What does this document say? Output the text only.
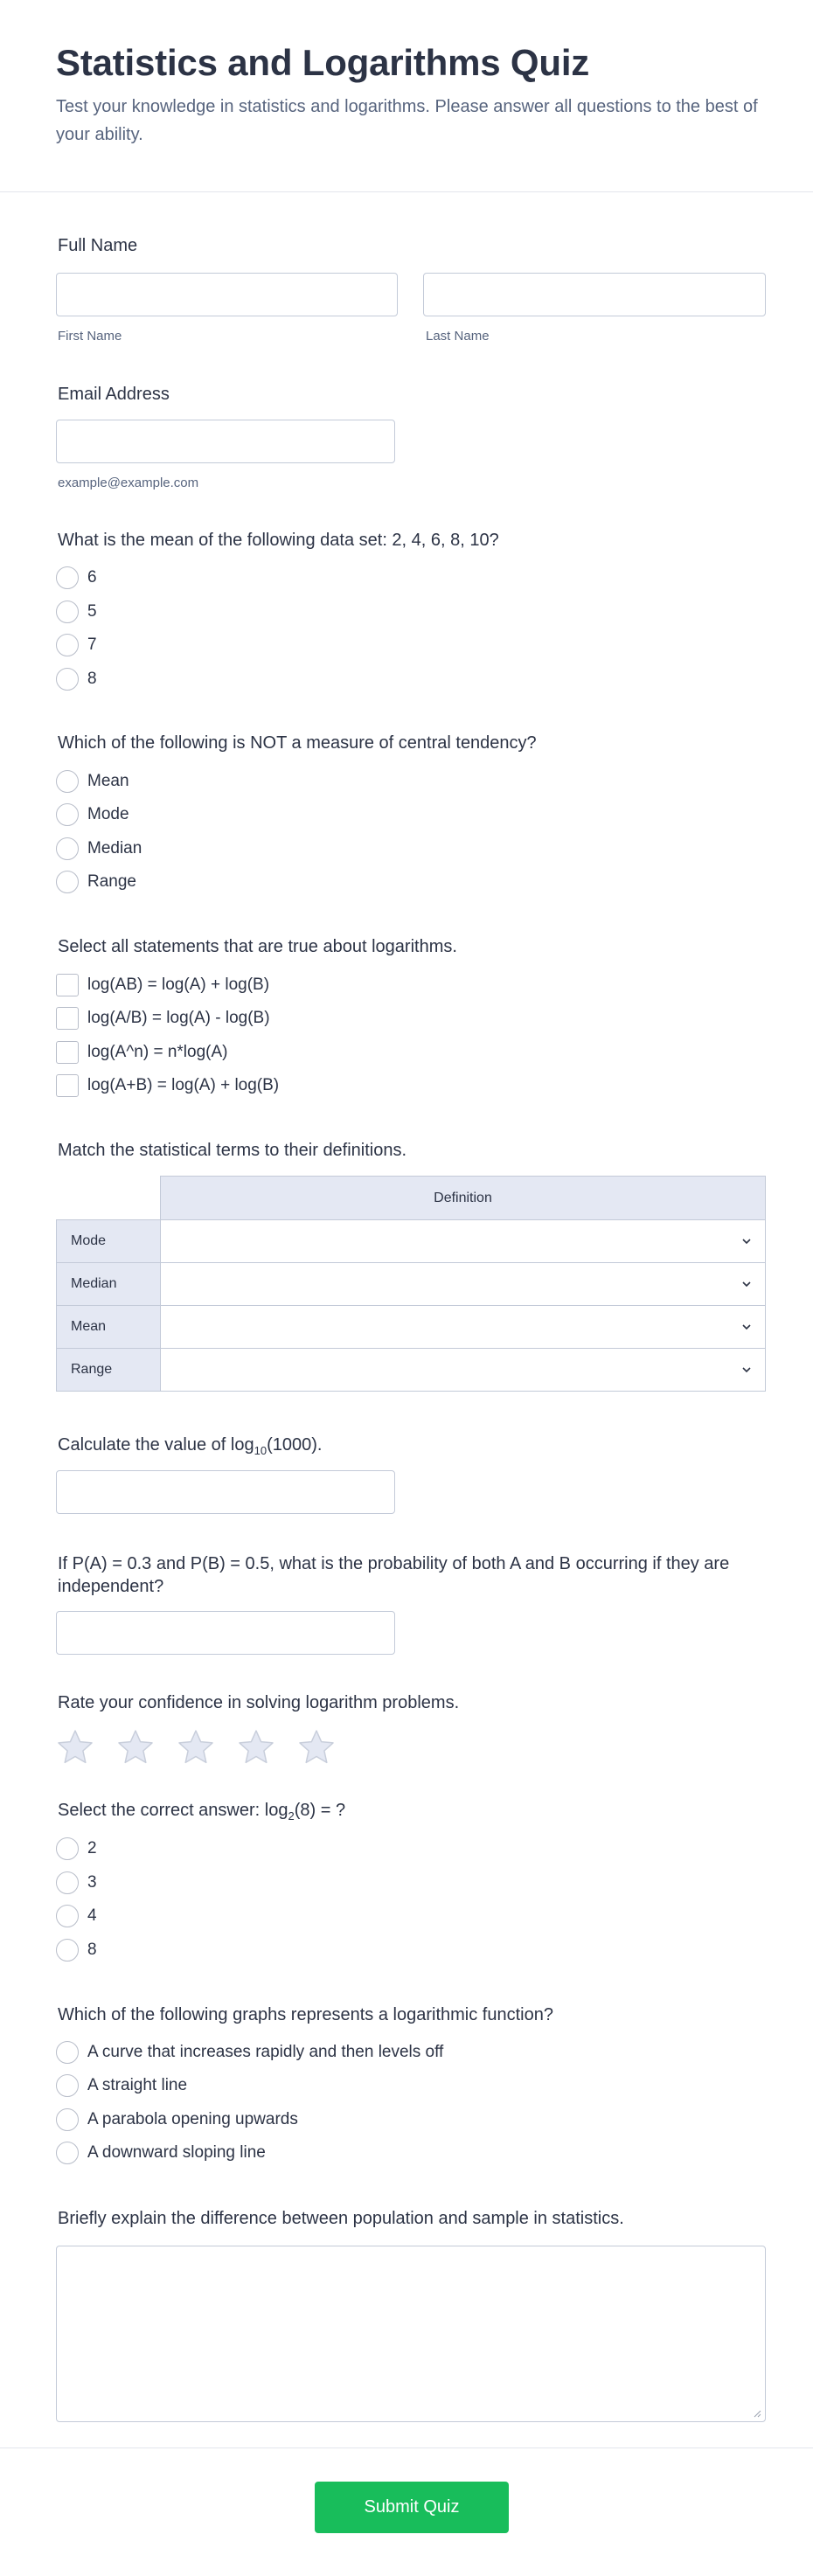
Statistics and Logarithms Quiz

Test your knowledge in statistics and logarithms. Please answer all questions to the best of your ability.

Full Name
First Name	Last Name
Email Address
example@example.com
What is the mean of the following data set: 2, 4, 6, 8, 10?
6
5
7
8
Which of the following is NOT a measure of central tendency?
Mean
Mode
Median
Range
Select all statements that are true about logarithms.
log(AB) = log(A) + log(B)
log(A/B) = log(A) - log(B)
log(A^n) = n*log(A)
log(A+B) = log(A) + log(B)
Match the statistical terms to their definitions.
Definition
Mode
Median
Mean
Range
Calculate the value of $\log_{10}(1000)$.
If P(A) = 0.3 and P(B) = 0.5, what is the probability of both A and B occurring if they are independent?
Rate your confidence in solving logarithm problems.
Select the correct answer: $\log_2(8)$ = ?
2
3
4
8
Which of the following graphs represents a logarithmic function?
A curve that increases rapidly and then levels off
A straight line
A parabola opening upwards
A downward sloping line
Briefly explain the difference between population and sample in statistics.
Submit Quiz
